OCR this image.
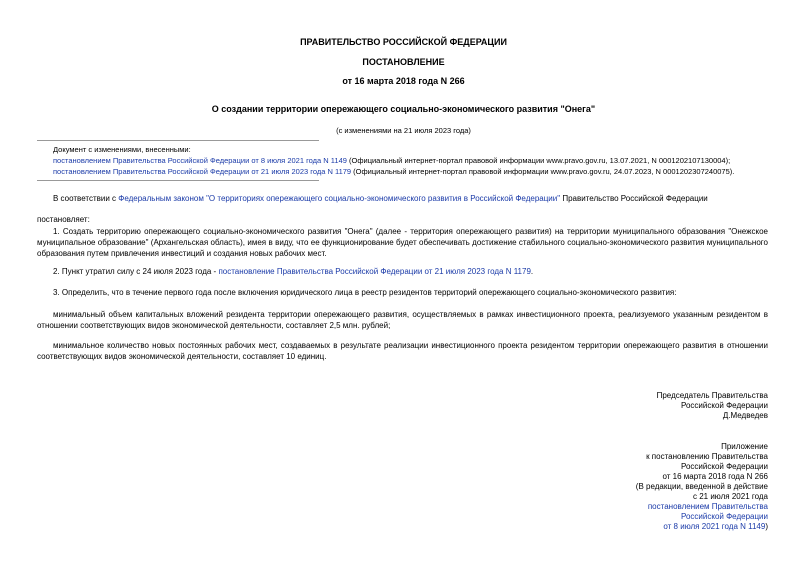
ПРАВИТЕЛЬСТВО РОССИЙСКОЙ ФЕДЕРАЦИИ
ПОСТАНОВЛЕНИЕ
от 16 марта 2018 года N 266
О создании территории опережающего социально-экономического развития "Онега"
(с изменениями на 21 июля 2023 года)
Документ с изменениями, внесенными:
постановлением Правительства Российской Федерации от 8 июля 2021 года N 1149 (Официальный интернет-портал правовой информации www.pravo.gov.ru, 13.07.2021, N 0001202107130004);
постановлением Правительства Российской Федерации от 21 июля 2023 года N 1179 (Официальный интернет-портал правовой информации www.pravo.gov.ru, 24.07.2023, N 0001202307240075).
В соответствии с Федеральным законом "О территориях опережающего социально-экономического развития в Российской Федерации" Правительство Российской Федерации
постановляет:
1. Создать территорию опережающего социально-экономического развития "Онега" (далее - территория опережающего развития) на территории муниципального образования "Онежское муниципальное образование" (Архангельская область), имея в виду, что ее функционирование будет обеспечивать достижение стабильного социально-экономического развития муниципального образования путем привлечения инвестиций и создания новых рабочих мест.
2. Пункт утратил силу с 24 июля 2023 года - постановление Правительства Российской Федерации от 21 июля 2023 года N 1179.
3. Определить, что в течение первого года после включения юридического лица в реестр резидентов территорий опережающего социально-экономического развития:
минимальный объем капитальных вложений резидента территории опережающего развития, осуществляемых в рамках инвестиционного проекта, реализуемого указанным резидентом в отношении соответствующих видов экономической деятельности, составляет 2,5 млн. рублей;
минимальное количество новых постоянных рабочих мест, создаваемых в результате реализации инвестиционного проекта резидентом территории опережающего развития в отношении соответствующих видов экономической деятельности, составляет 10 единиц.
Председатель Правительства
Российской Федерации
Д.Медведев
Приложение
к постановлению Правительства
Российской Федерации
от 16 марта 2018 года N 266
(В редакции, введенной в действие
с 21 июля 2021 года
постановлением Правительства
Российской Федерации
от 8 июля 2021 года N 1149)
